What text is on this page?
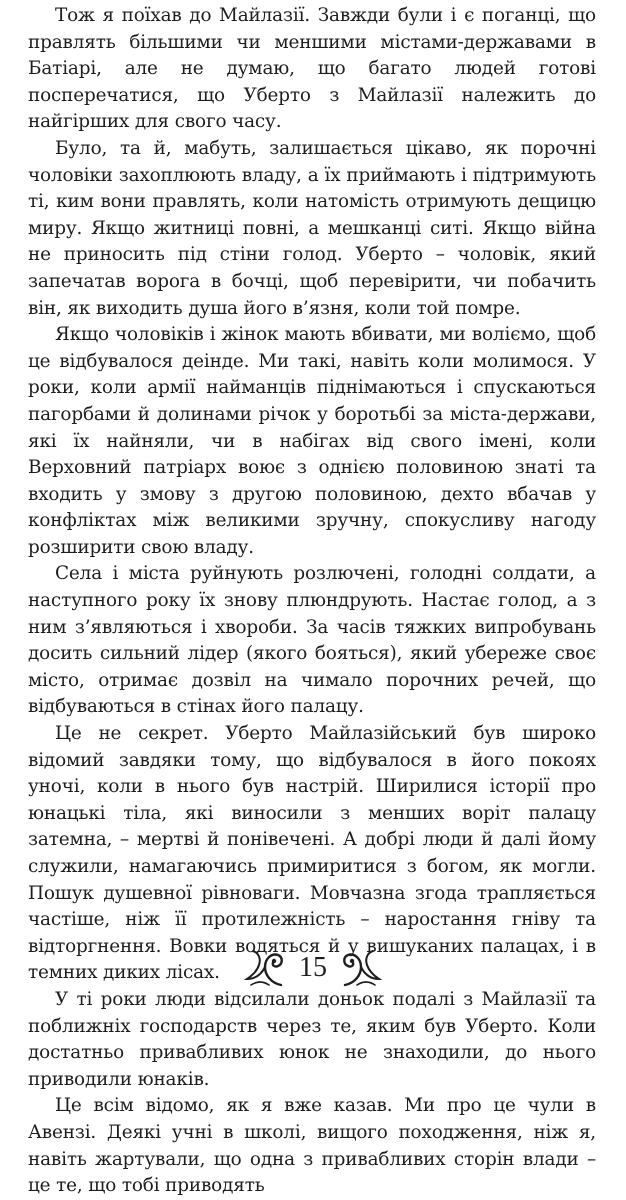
Тож я поїхав до Майлазії. Завжди були і є поганці, що правлять більшими чи меншими містами-державами в Батіарі, але не думаю, що багато людей готові посперечатися, що Уберто з Майлазії належить до найгірших для свого часу.

Було, та й, мабуть, залишається цікаво, як порочні чоловіки захоплюють владу, а їх приймають і підтримують ті, ким вони правлять, коли натомість отримують дещицю миру. Якщо житниці повні, а мешканці ситі. Якщо війна не приносить під стіни голод. Уберто – чоловік, який запечатав ворога в бочці, щоб перевірити, чи побачить він, як виходить душа його в’язня, коли той помре.

Якщо чоловіків і жінок мають вбивати, ми воліємо, щоб це відбувалося деінде. Ми такі, навіть коли молимося. У роки, коли армії найманців піднімаються і спускаються пагорбами й долинами річок у боротьбі за міста-держави, які їх найняли, чи в набігах від свого імені, коли Верховний патріарх воює з однією половиною знаті та входить у змову з другою половиною, дехто вбачав у конфліктах між великими зручну, спокусливу нагоду розширити свою владу.

Села і міста руйнують розлючені, голодні солдати, а наступного року їх знову плюндрують. Настає голод, а з ним з’являються і хвороби. За часів тяжких випробувань досить сильний лідер (якого бояться), який убереже своє місто, отримає дозвіл на чимало порочних речей, що відбуваються в стінах його палацу.

Це не секрет. Уберто Майлазійський був широко відомий завдяки тому, що відбувалося в його покоях уночі, коли в нього був настрій. Ширилися історії про юнацькі тіла, які виносили з менших воріт палацу затемна, – мертві й понівечені. А добрі люди й далі йому служили, намагаючись примиритися з богом, як могли. Пошук душевної рівноваги. Мовчазна згода трапляється частіше, ніж її протилежність – наростання гніву та відторгнення. Вовки водяться й у вишуканих палацах, і в темних диких лісах.

У ті роки люди відсилали доньок подалі з Майлазії та поближніх господарств через те, яким був Уберто. Коли достатньо привабливих юнок не знаходили, до нього приводили юнаків.

Це всім відомо, як я вже казав. Ми про це чули в Авензі. Деякі учні в школі, вищого походження, ніж я, навіть жартували, що одна з привабливих сторін влади – це те, що тобі приводять

15
